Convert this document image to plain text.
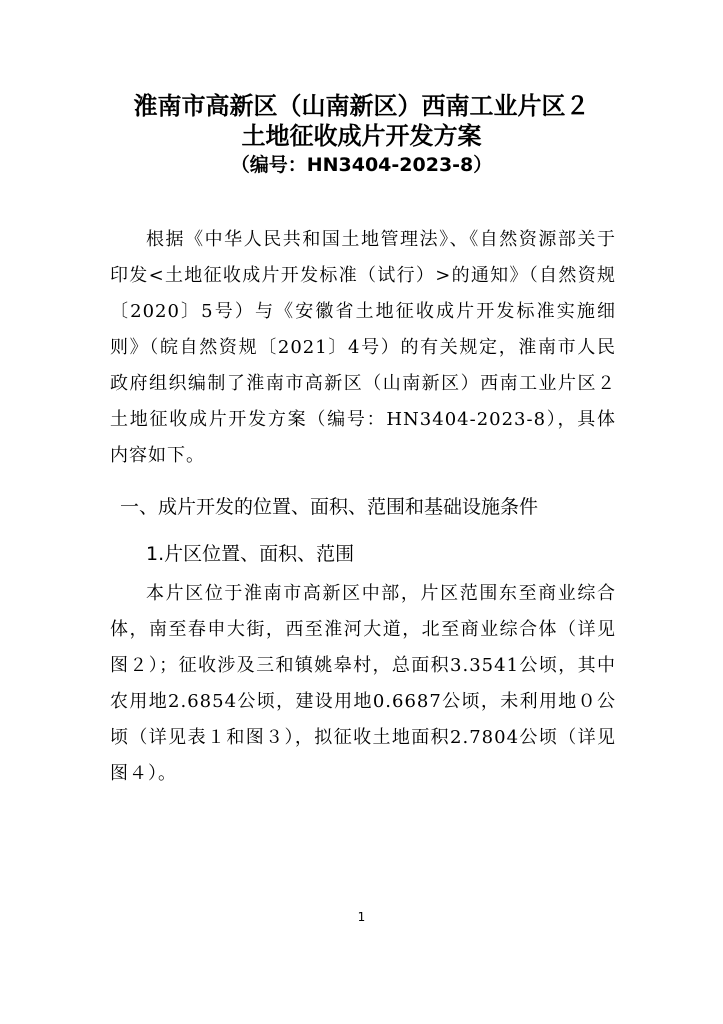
淮南市高新区（山南新区）西南工业片区２
土地征收成片开发方案
（编号：HN3404-2023-8）

根据《中华人民共和国土地管理法》、《自然资源部关于印发<土地征收成片开发标准（试行）>的通知》（自然资规〔2020〕5号）与《安徽省土地征收成片开发标准实施细则》（皖自然资规〔2021〕4号）的有关规定，淮南市人民政府组织编制了淮南市高新区（山南新区）西南工业片区２土地征收成片开发方案（编号：HN3404-2023-8），具体内容如下。

一、成片开发的位置、面积、范围和基础设施条件
1.片区位置、面积、范围

本片区位于淮南市高新区中部，片区范围东至商业综合体，南至春申大街，西至淮河大道，北至商业综合体（详见图２）；征收涉及三和镇姚皋村，总面积3.3541公顷，其中农用地2.6854公顷，建设用地0.6687公顷，未利用地０公顷（详见表１和图３），拟征收土地面积2.7804公顷（详见图４）。

1
